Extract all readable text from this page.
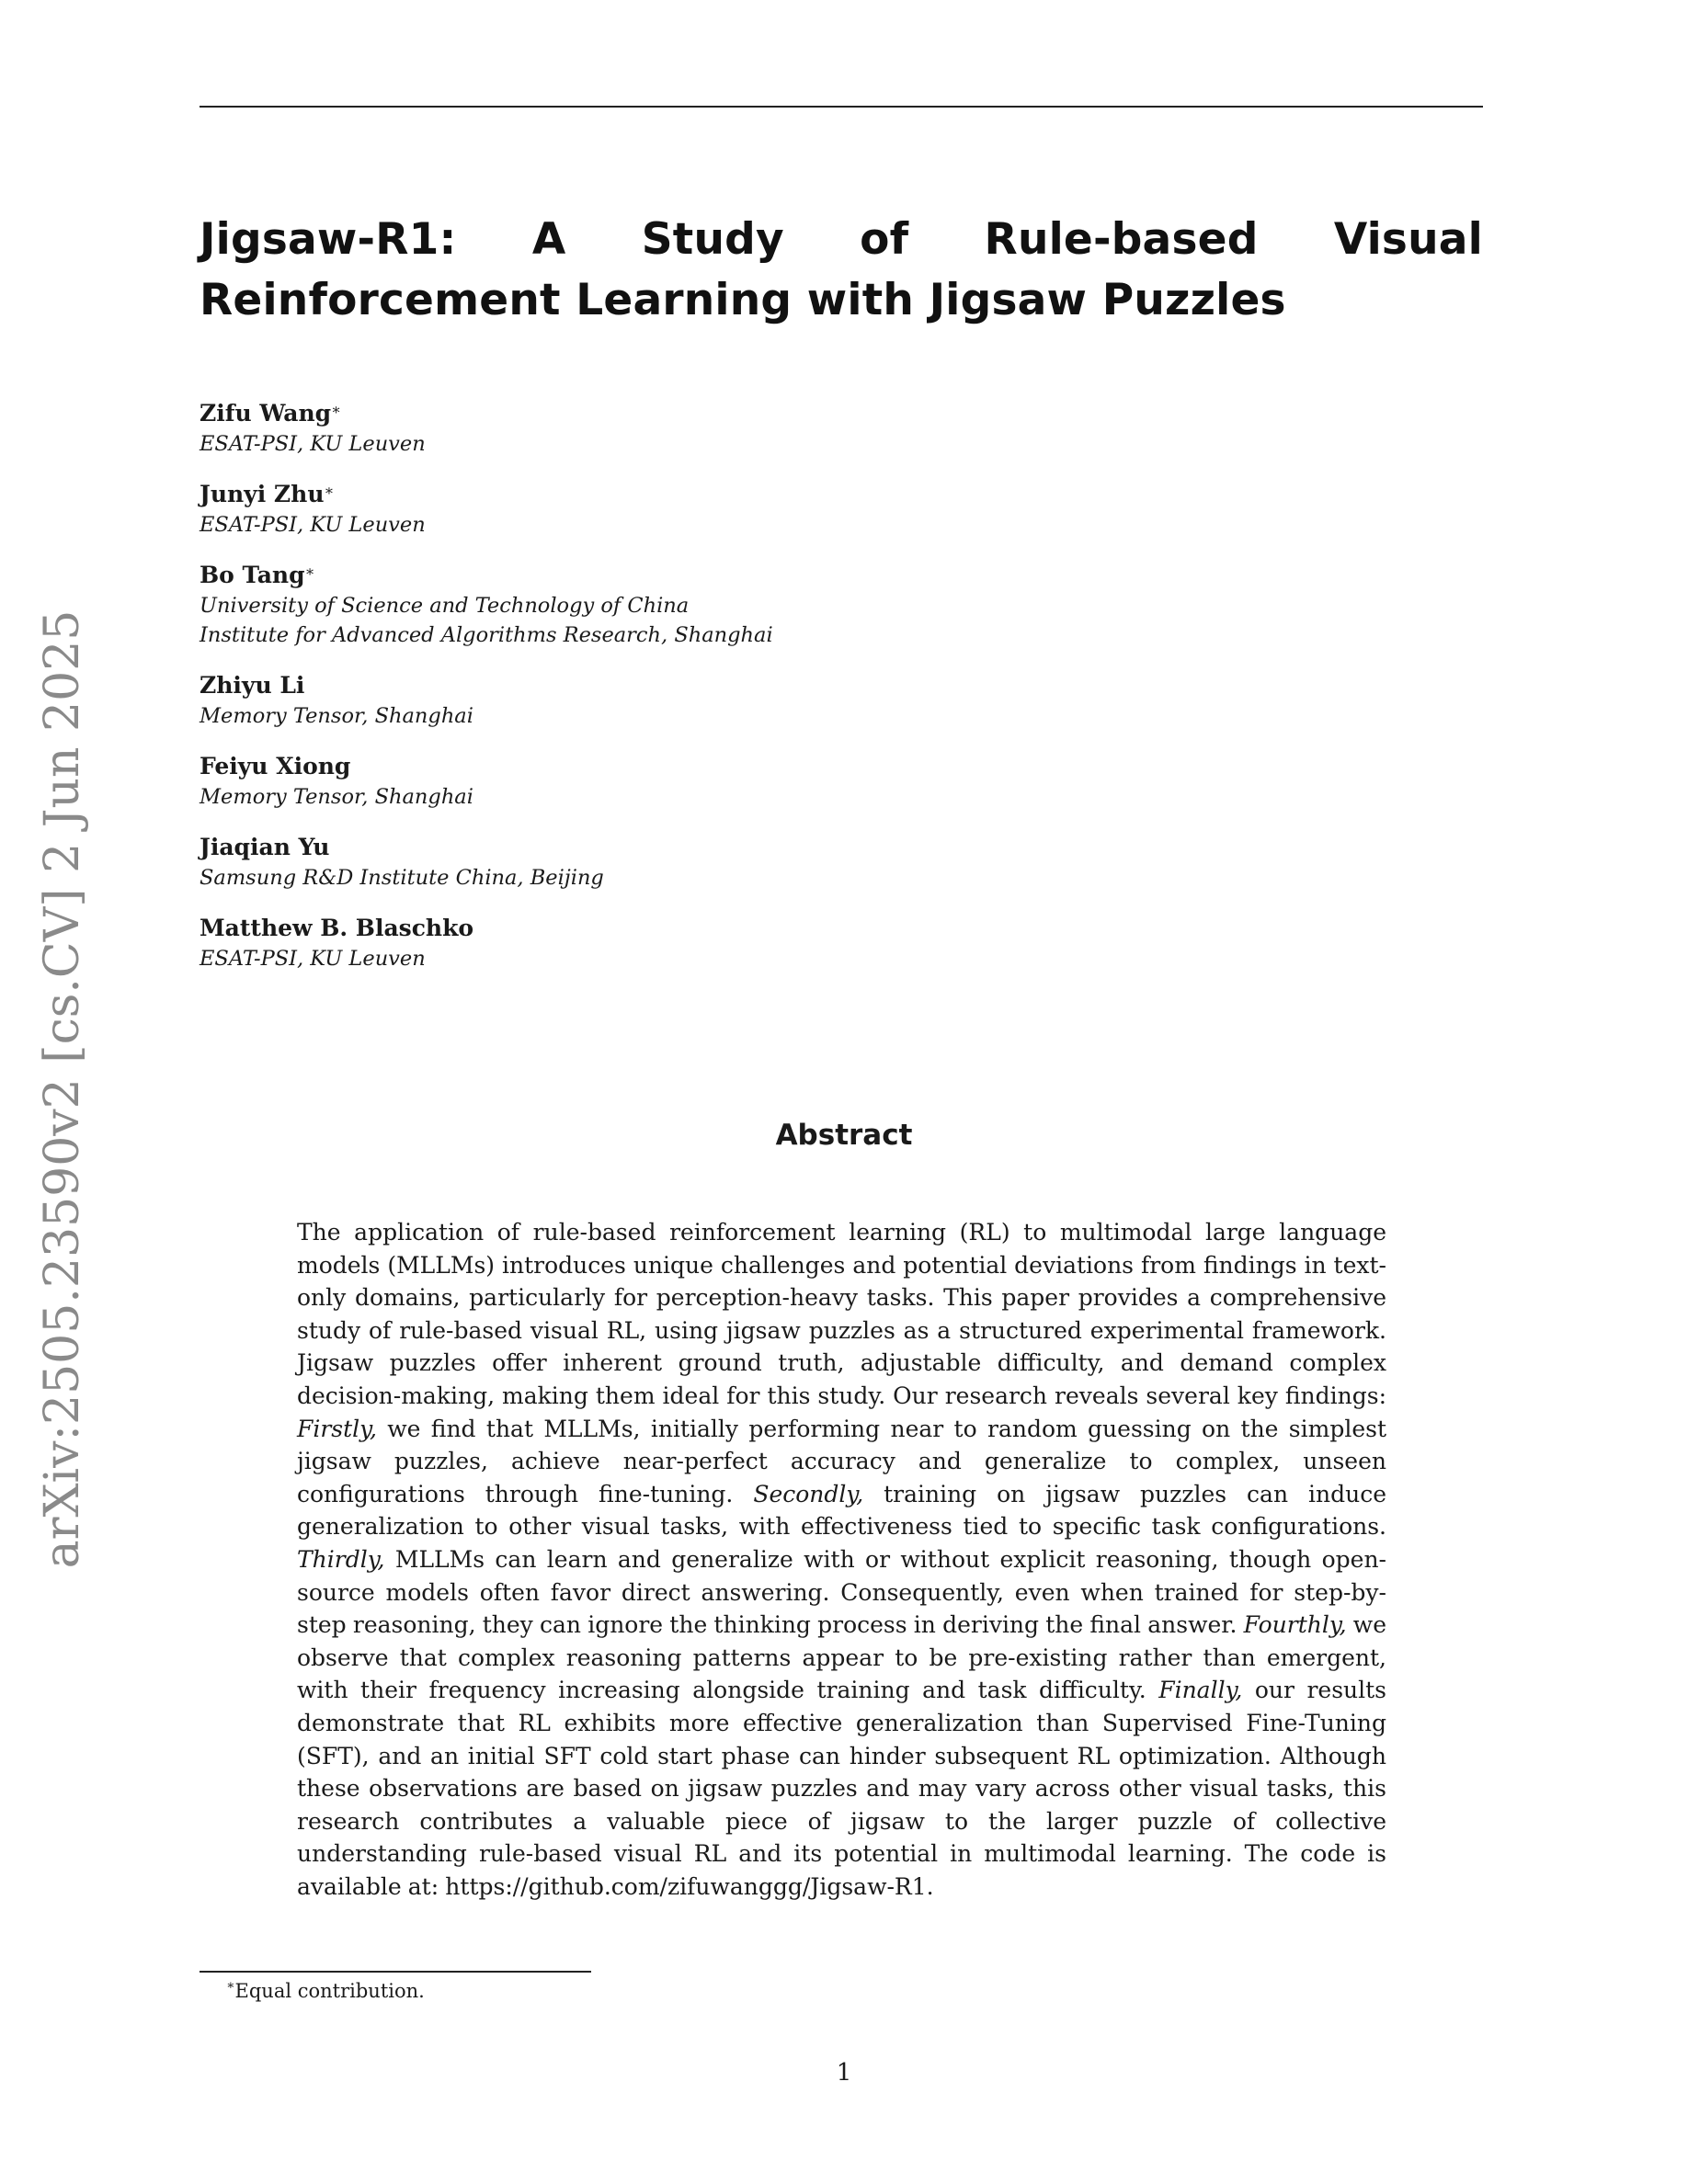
Jigsaw-R1: A Study of Rule-based Visual Reinforcement Learning with Jigsaw Puzzles
arXiv:2505.23590v2 [cs.CV] 2 Jun 2025
Zifu Wang∗
ESAT-PSI, KU Leuven
Junyi Zhu∗
ESAT-PSI, KU Leuven
Bo Tang∗
University of Science and Technology of China
Institute for Advanced Algorithms Research, Shanghai
Zhiyu Li
Memory Tensor, Shanghai
Feiyu Xiong
Memory Tensor, Shanghai
Jiaqian Yu
Samsung R&D Institute China, Beijing
Matthew B. Blaschko
ESAT-PSI, KU Leuven
Abstract

The application of rule-based reinforcement learning (RL) to multimodal large language models (MLLMs) introduces unique challenges and potential deviations from findings in text-only domains, particularly for perception-heavy tasks. This paper provides a comprehensive study of rule-based visual RL, using jigsaw puzzles as a structured experimental framework. Jigsaw puzzles offer inherent ground truth, adjustable difficulty, and demand complex decision-making, making them ideal for this study. Our research reveals several key findings: Firstly, we find that MLLMs, initially performing near to random guessing on the simplest jigsaw puzzles, achieve near-perfect accuracy and generalize to complex, unseen configurations through fine-tuning. Secondly, training on jigsaw puzzles can induce generalization to other visual tasks, with effectiveness tied to specific task configurations. Thirdly, MLLMs can learn and generalize with or without explicit reasoning, though open-source models often favor direct answering. Consequently, even when trained for step-by-step reasoning, they can ignore the thinking process in deriving the final answer. Fourthly, we observe that complex reasoning patterns appear to be pre-existing rather than emergent, with their frequency increasing alongside training and task difficulty. Finally, our results demonstrate that RL exhibits more effective generalization than Supervised Fine-Tuning (SFT), and an initial SFT cold start phase can hinder subsequent RL optimization. Although these observations are based on jigsaw puzzles and may vary across other visual tasks, this research contributes a valuable piece of jigsaw to the larger puzzle of collective understanding rule-based visual RL and its potential in multimodal learning. The code is available at: https://github.com/zifuwanggg/Jigsaw-R1.

∗Equal contribution.

1
